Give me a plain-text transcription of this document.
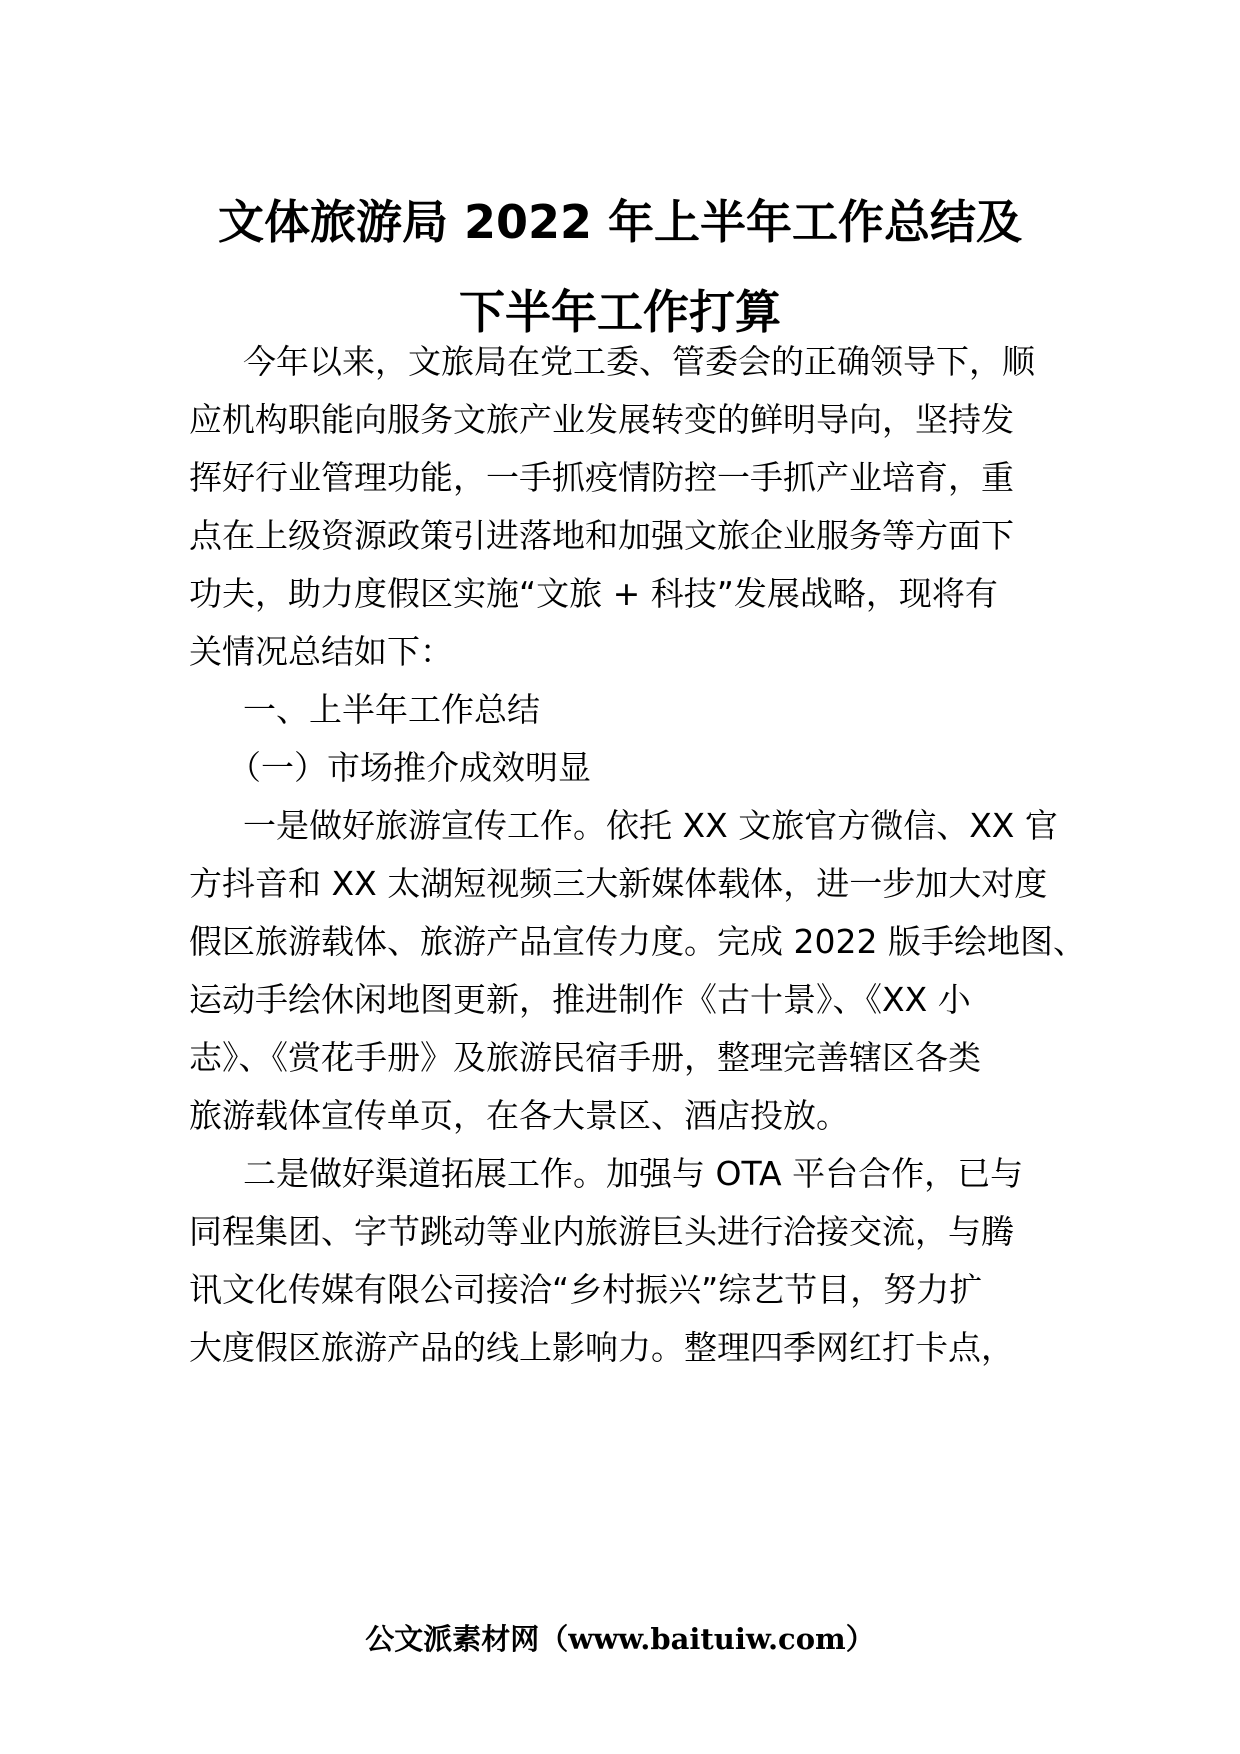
文体旅游局 2022 年上半年工作总结及
下半年工作打算
今年以来，文旅局在党工委、管委会的正确领导下，顺
应机构职能向服务文旅产业发展转变的鲜明导向，坚持发
挥好行业管理功能，一手抓疫情防控一手抓产业培育，重
点在上级资源政策引进落地和加强文旅企业服务等方面下
功夫，助力度假区实施“文旅 + 科技”发展战略，现将有
关情况总结如下：
一、上半年工作总结
（一）市场推介成效明显
一是做好旅游宣传工作。依托 XX 文旅官方微信、XX 官
方抖音和 XX 太湖短视频三大新媒体载体，进一步加大对度
假区旅游载体、旅游产品宣传力度。完成 2022 版手绘地图、
运动手绘休闲地图更新，推进制作《古十景》、《XX 小
志》、《赏花手册》及旅游民宿手册，整理完善辖区各类
旅游载体宣传单页，在各大景区、酒店投放。
二是做好渠道拓展工作。加强与 OTA 平台合作，已与
同程集团、字节跳动等业内旅游巨头进行洽接交流，与腾
讯文化传媒有限公司接洽“乡村振兴”综艺节目，努力扩
大度假区旅游产品的线上影响力。整理四季网红打卡点，
公文派素材网（www.baituiw.com）
